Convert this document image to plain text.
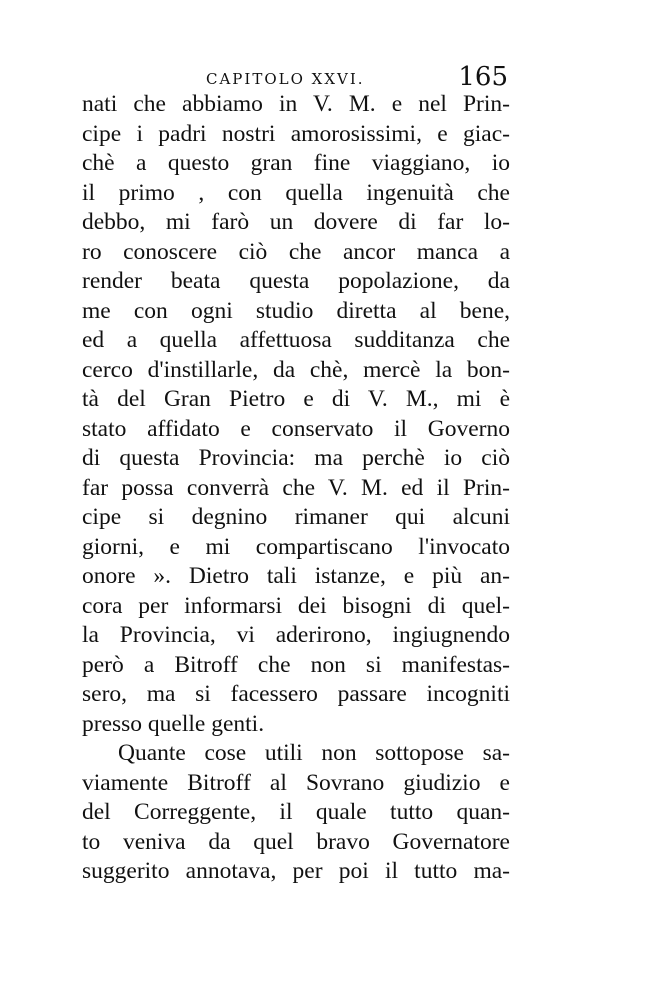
CAPITOLO XXVI.	165
nati che abbiamo in V. M. e nel Prin-
cipe i padri nostri amorosissimi, e giac-
chè a questo gran fine viaggiano, io
il primo , con quella ingenuità che
debbo, mi farò un dovere di far lo-
ro conoscere ciò che ancor manca a
render beata questa popolazione, da
me con ogni studio diretta al bene,
ed a quella affettuosa sudditanza che
cerco d'instillarle, da chè, mercè la bon-
tà del Gran Pietro e di V. M., mi è
stato affidato e conservato il Governo
di questa Provincia: ma perchè io ciò
far possa converrà che V. M. ed il Prin-
cipe si degnino rimaner qui alcuni
giorni, e mi compartiscano l'invocato
onore ». Dietro tali istanze, e più an-
cora per informarsi dei bisogni di quel-
la Provincia, vi aderirono, ingiugnendo
però a Bitroff che non si manifestas-
sero, ma si facessero passare incogniti
presso quelle genti.
Quante cose utili non sottopose sa-
viamente Bitroff al Sovrano giudizio e
del Correggente, il quale tutto quan-
to veniva da quel bravo Governatore
suggerito annotava, per poi il tutto ma-
